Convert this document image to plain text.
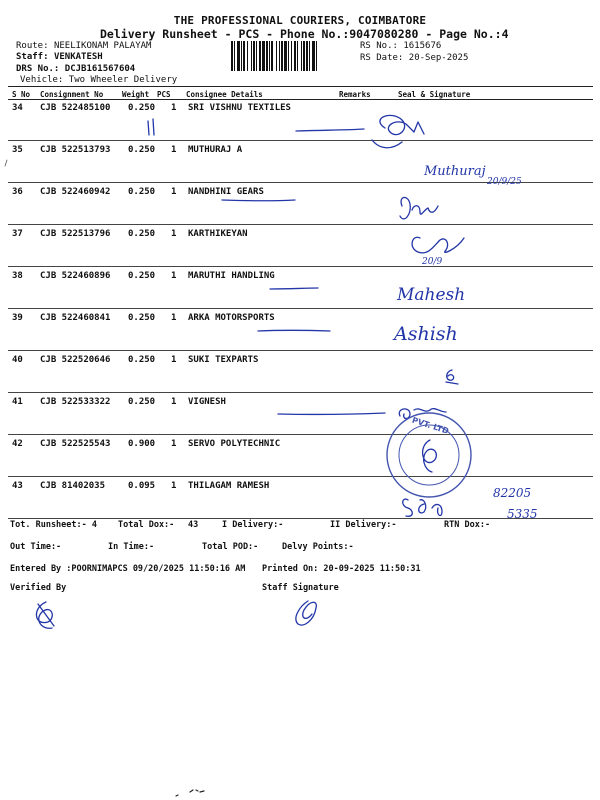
THE PROFESSIONAL COURIERS, COIMBATORE
Delivery Runsheet - PCS - Phone No.:9047080280 - Page No.:4
Route: NEELIKONAM PALAYAM
Staff: VENKATESH
DRS No.: DCJB161567604
Vehicle: Two Wheeler Delivery
RS No.: 1615676
RS Date: 20-Sep-2025
S No Consignment No	Weight PCS Consignee Details	Remarks	Seal & Signature
34 CJB 522485100 0.250 1 SRI VISHNU TEXTILES
35 CJB 522513793 0.250 1 MUTHURAJ A
36 CJB 522460942 0.250 1 NANDHINI GEARS
37 CJB 522513796 0.250 1 KARTHIKEYAN
38 CJB 522460896 0.250 1 MARUTHI HANDLING
39 CJB 522460841 0.250 1 ARKA MOTORSPORTS
40 CJB 522520646 0.250 1 SUKI TEXPARTS
41 CJB 522533322 0.250 1 VIGNESH
42 CJB 522525543 0.900 1 SERVO POLYTECHNIC
43 CJB 81402035	0.095 1 THILAGAM RAMESH
Muthuraj
20/9/25
20/9
Mahesh
Ashish
PVT. LTD
82205
5335
Tot. Runsheet:- 4 Total Dox:- 43	I Delivery:-	II Delivery:-	RTN Dox:-
Out Time:-	In Time:-	Total POD:-	Delvy Points:-
Entered By :POORNIMAPCS 09/20/2025 11:50:16 AM Printed On: 20-09-2025 11:50:31
Verified By	Staff Signature
